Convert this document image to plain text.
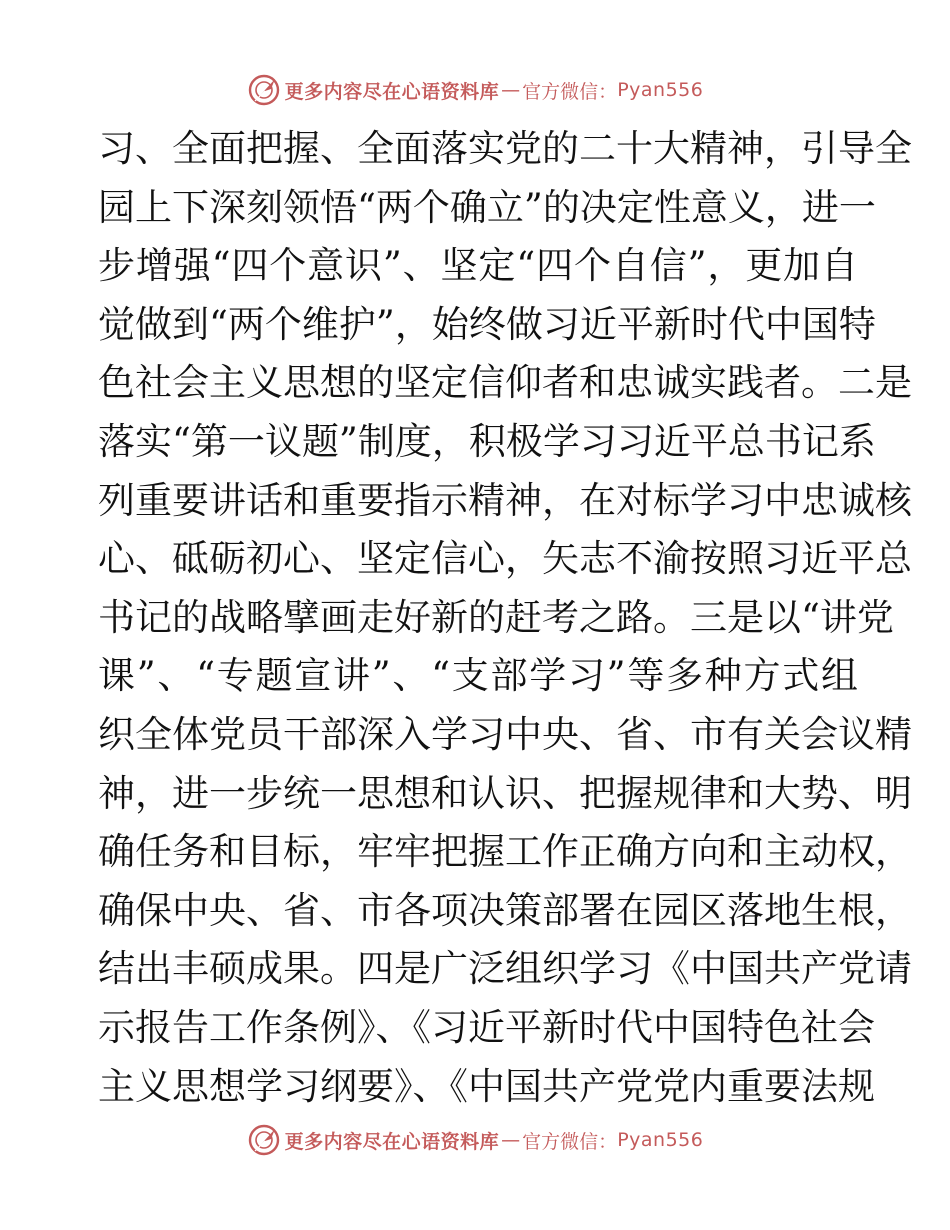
更多内容尽在心语资料库 — 官方微信： Pyan556
习、全面把握、全面落实党的二十大精神，引导全
园上下深刻领悟“两个确立”的决定性意义，进一
步增强“四个意识”、坚定“四个自信”，更加自
觉做到“两个维护”，始终做习近平新时代中国特
色社会主义思想的坚定信仰者和忠诚实践者。二是
落实“第一议题”制度，积极学习习近平总书记系
列重要讲话和重要指示精神，在对标学习中忠诚核
心、砥砺初心、坚定信心，矢志不渝按照习近平总
书记的战略擘画走好新的赶考之路。三是以“讲党
课”、“专题宣讲”、“支部学习”等多种方式组
织全体党员干部深入学习中央、省、市有关会议精
神，进一步统一思想和认识、把握规律和大势、明
确任务和目标，牢牢把握工作正确方向和主动权，
确保中央、省、市各项决策部署在园区落地生根，
结出丰硕成果。四是广泛组织学习《中国共产党请
示报告工作条例》、《习近平新时代中国特色社会
主义思想学习纲要》、《中国共产党党内重要法规
更多内容尽在心语资料库 — 官方微信： Pyan556
